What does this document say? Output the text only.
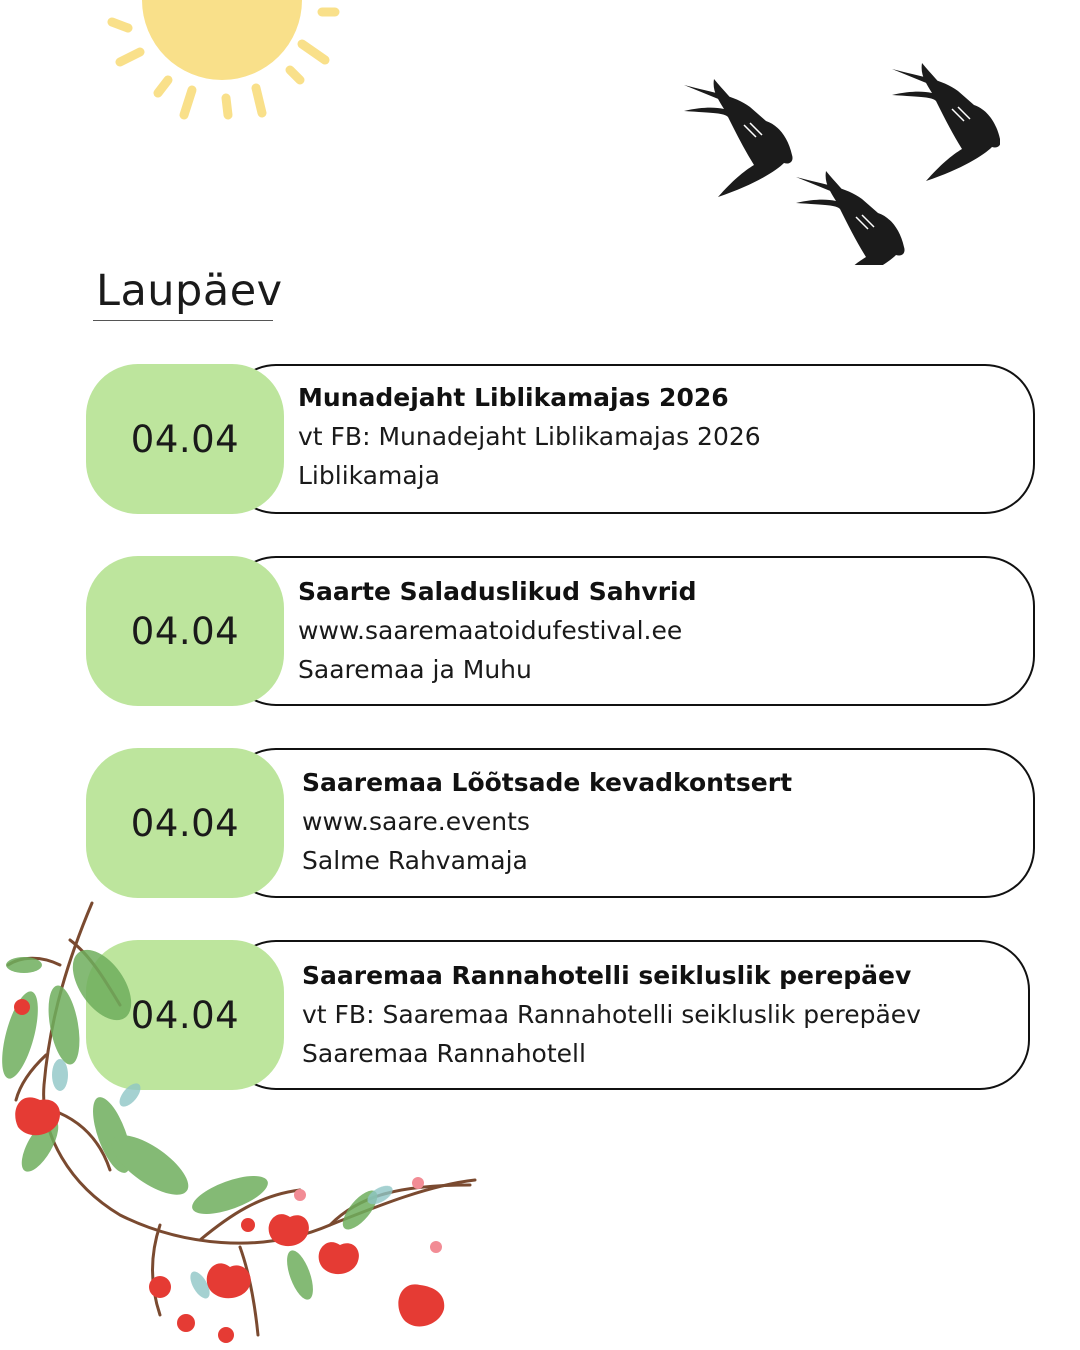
Laupäev
04.04
Munadejaht Liblikamajas 2026
vt FB: Munadejaht Liblikamajas 2026
Liblikamaja
04.04
Saarte Saladuslikud Sahvrid
www.saaremaatoidufestival.ee
Saaremaa ja Muhu
04.04
Saaremaa Lõõtsade kevadkontsert
www.saare.events
Salme Rahvamaja
04.04
Saaremaa Rannahotelli seikluslik perepäev
vt FB: Saaremaa Rannahotelli seikluslik perepäev
Saaremaa Rannahotell
